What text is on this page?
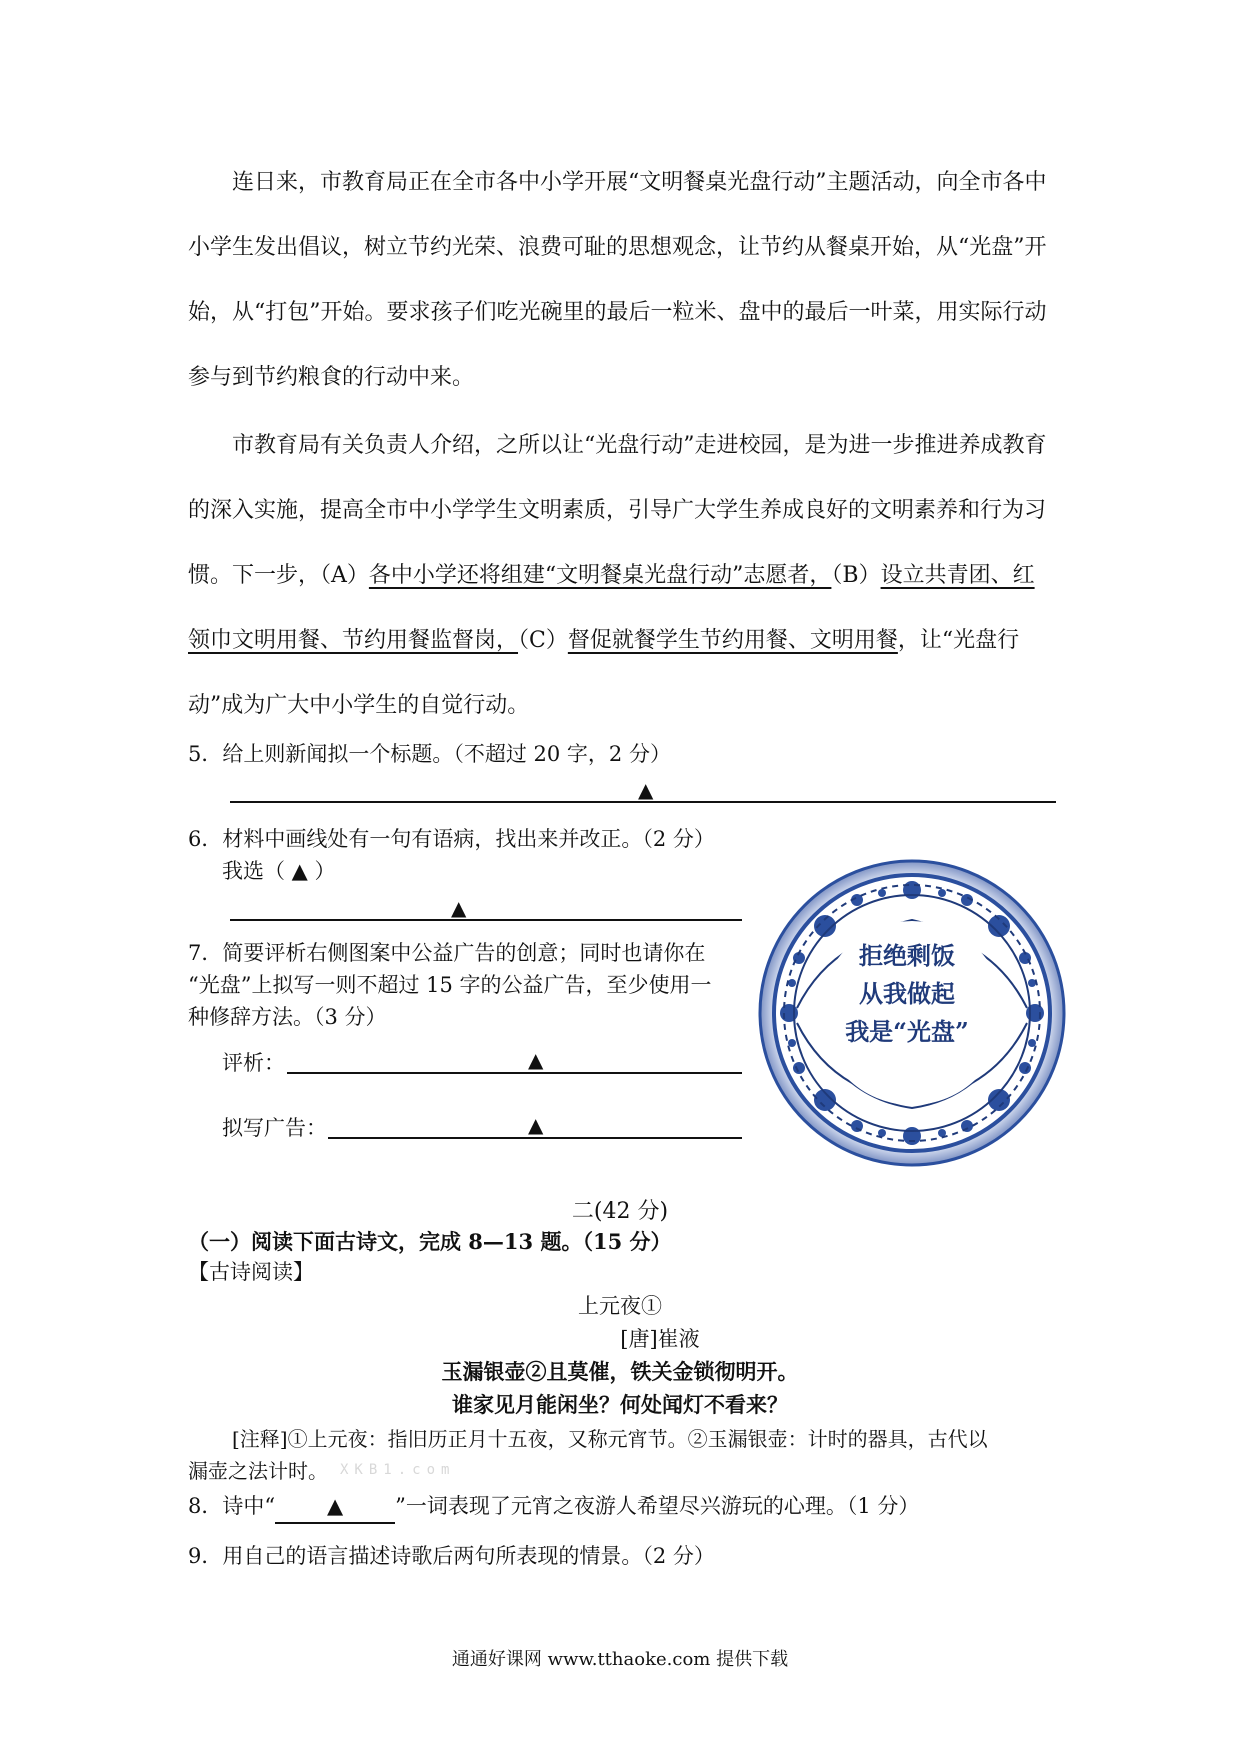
连日来，市教育局正在全市各中小学开展“文明餐桌光盘行动”主题活动，向全市各中小学生发出倡议，树立节约光荣、浪费可耻的思想观念，让节约从餐桌开始，从“光盘”开始，从“打包”开始。要求孩子们吃光碗里的最后一粒米、盘中的最后一叶菜，用实际行动参与到节约粮食的行动中来。

市教育局有关负责人介绍，之所以让“光盘行动”走进校园，是为进一步推进养成教育的深入实施，提高全市中小学学生文明素质，引导广大学生养成良好的文明素养和行为习惯。下一步，（A）各中小学还将组建“文明餐桌光盘行动”志愿者，（B）设立共青团、红领巾文明用餐、节约用餐监督岗，（C）督促就餐学生节约用餐、文明用餐，让“光盘行动”成为广大中小学生的自觉行动。

5．给上则新闻拟一个标题。（不超过 20 字，2 分）
▲
6．材料中画线处有一句有语病，找出来并改正。（2 分）
我选（ ▲ ）
▲
7．简要评析右侧图案中公益广告的创意；同时也请你在
“光盘”上拟写一则不超过 15 字的公益广告，至少使用一
种修辞方法。（3 分）
评析：	▲
拟写广告：	▲
拒绝剩饭
从我做起
我是“光盘”
二(42 分)
（一）阅读下面古诗文，完成 8—13 题。（15 分）
【古诗阅读】
上元夜①
[唐]崔液
玉漏银壶②且莫催，铁关金锁彻明开。
谁家见月能闲坐？何处闻灯不看来？
[注释]①上元夜：指旧历正月十五夜，又称元宵节。②玉漏银壶：计时的器具，古代以
漏壶之法计时。 XKB1.com
8．诗中“ ▲ ”一词表现了元宵之夜游人希望尽兴游玩的心理。（1 分）
9．用自己的语言描述诗歌后两句所表现的情景。（2 分）
通通好课网 www.tthaoke.com 提供下载
